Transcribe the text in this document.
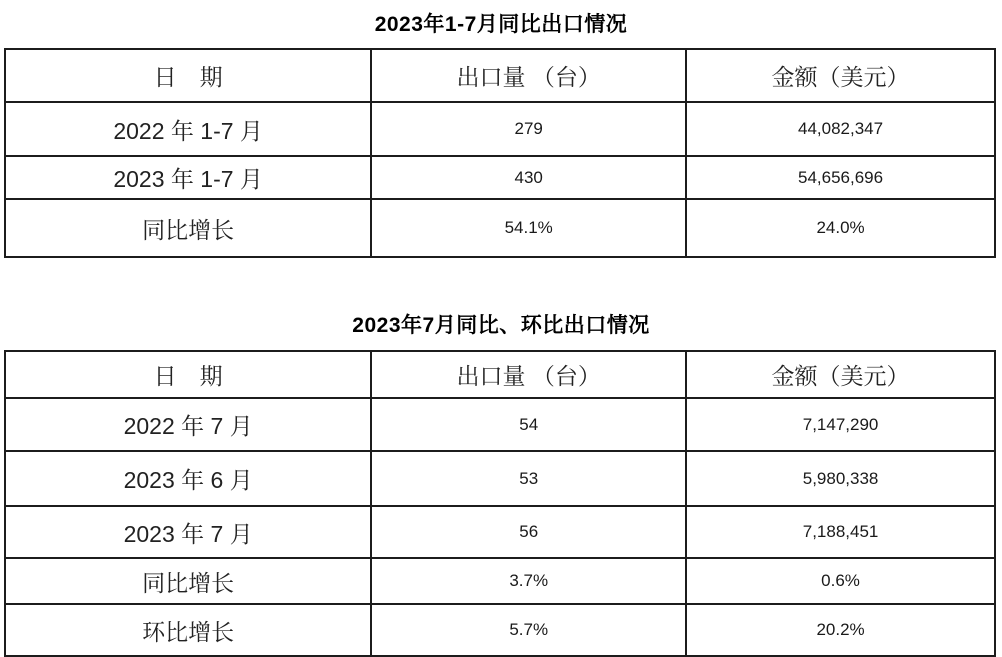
2023年1-7月同比出口情况
日　期	出口量 （台）	金额（美元）
2022 年 1-7 月	279	44,082,347
2023 年 1-7 月	430	54,656,696
同比增长	54.1%	24.0%
2023年7月同比、环比出口情况
日　期	出口量 （台）	金额（美元）
2022 年 7 月	54	7,147,290
2023 年 6 月	53	5,980,338
2023 年 7 月	56	7,188,451
同比增长	3.7%	0.6%
环比增长	5.7%	20.2%
